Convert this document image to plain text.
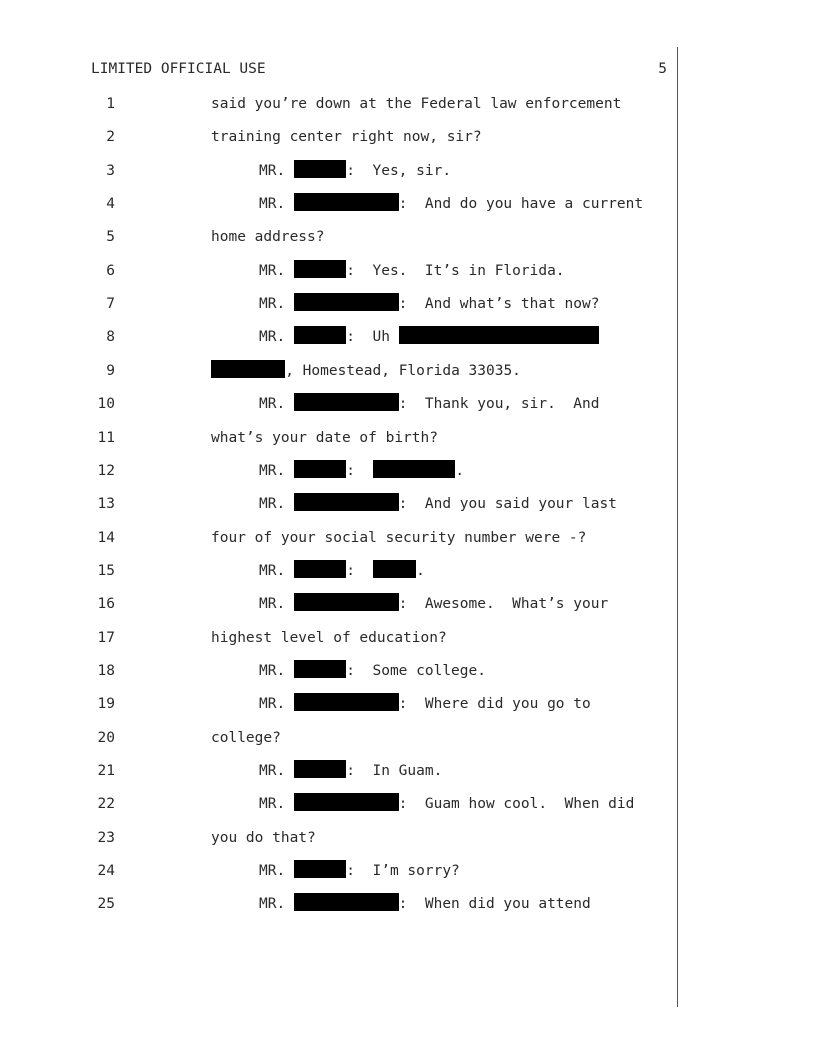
LIMITED OFFICIAL USE	5
1	said you’re down at the Federal law enforcement
2	training center right now, sir?
3	MR.	:  Yes, sir.
4	MR.	:  And do you have a current
5	home address?
6	MR.	:  Yes.  It’s in Florida.
7	MR.	:  And what’s that now?
8	MR.	:  Uh
9	, Homestead, Florida 33035.
10	MR.	:  Thank you, sir.  And
11	what’s your date of birth?
12	MR.	:	.
13	MR.	:  And you said your last
14	four of your social security number were -?
15	MR.	:	.
16	MR.	:  Awesome.  What’s your
17	highest level of education?
18	MR.	:  Some college.
19	MR.	:  Where did you go to
20	college?
21	MR.	:  In Guam.
22	MR.	:  Guam how cool.  When did
23	you do that?
24	MR.	:  I’m sorry?
25	MR.	:  When did you attend
